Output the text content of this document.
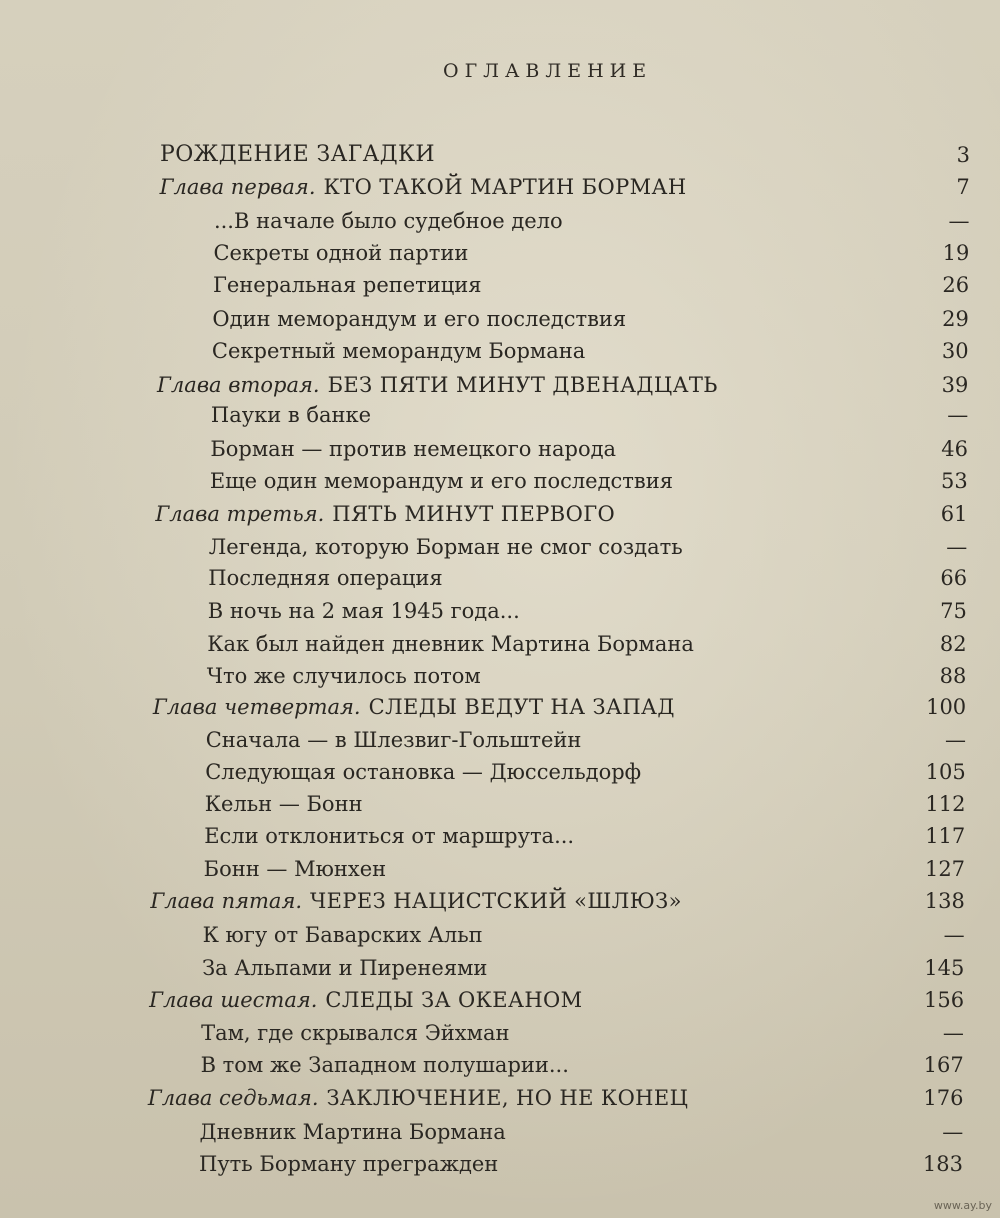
ОГЛАВЛЕНИЕ
РОЖДЕНИЕ ЗАГАДКИ	3
Глава первая. КТО ТАКОЙ МАРТИН БОРМАН	7
...В начале было судебное дело	—
Секреты одной партии	19
Генеральная репетиция	26
Один меморандум и его последствия	29
Секретный меморандум Бормана	30
Глава вторая. БЕЗ ПЯТИ МИНУТ ДВЕНАДЦАТЬ	39
Пауки в банке	—
Борман — против немецкого народа	46
Еще один меморандум и его последствия	53
Глава третья. ПЯТЬ МИНУТ ПЕРВОГО	61
Легенда, которую Борман не смог создать	—
Последняя операция	66
В ночь на 2 мая 1945 года...	75
Как был найден дневник Мартина Бормана	82
Что же случилось потом	88
Глава четвертая. СЛЕДЫ ВЕДУТ НА ЗАПАД	100
Сначала — в Шлезвиг-Гольштейн	—
Следующая остановка — Дюссельдорф	105
Кельн — Бонн	112
Если отклониться от маршрута...	117
Бонн — Мюнхен	127
Глава пятая. ЧЕРЕЗ НАЦИСТСКИЙ «ШЛЮЗ»	138
К югу от Баварских Альп	—
За Альпами и Пиренеями	145
Глава шестая. СЛЕДЫ ЗА ОКЕАНОМ	156
Там, где скрывался Эйхман	—
В том же Западном полушарии...	167
Глава седьмая. ЗАКЛЮЧЕНИЕ, НО НЕ КОНЕЦ	176
Дневник Мартина Бормана	—
Путь Борману прегражден	183
www.ay.by
